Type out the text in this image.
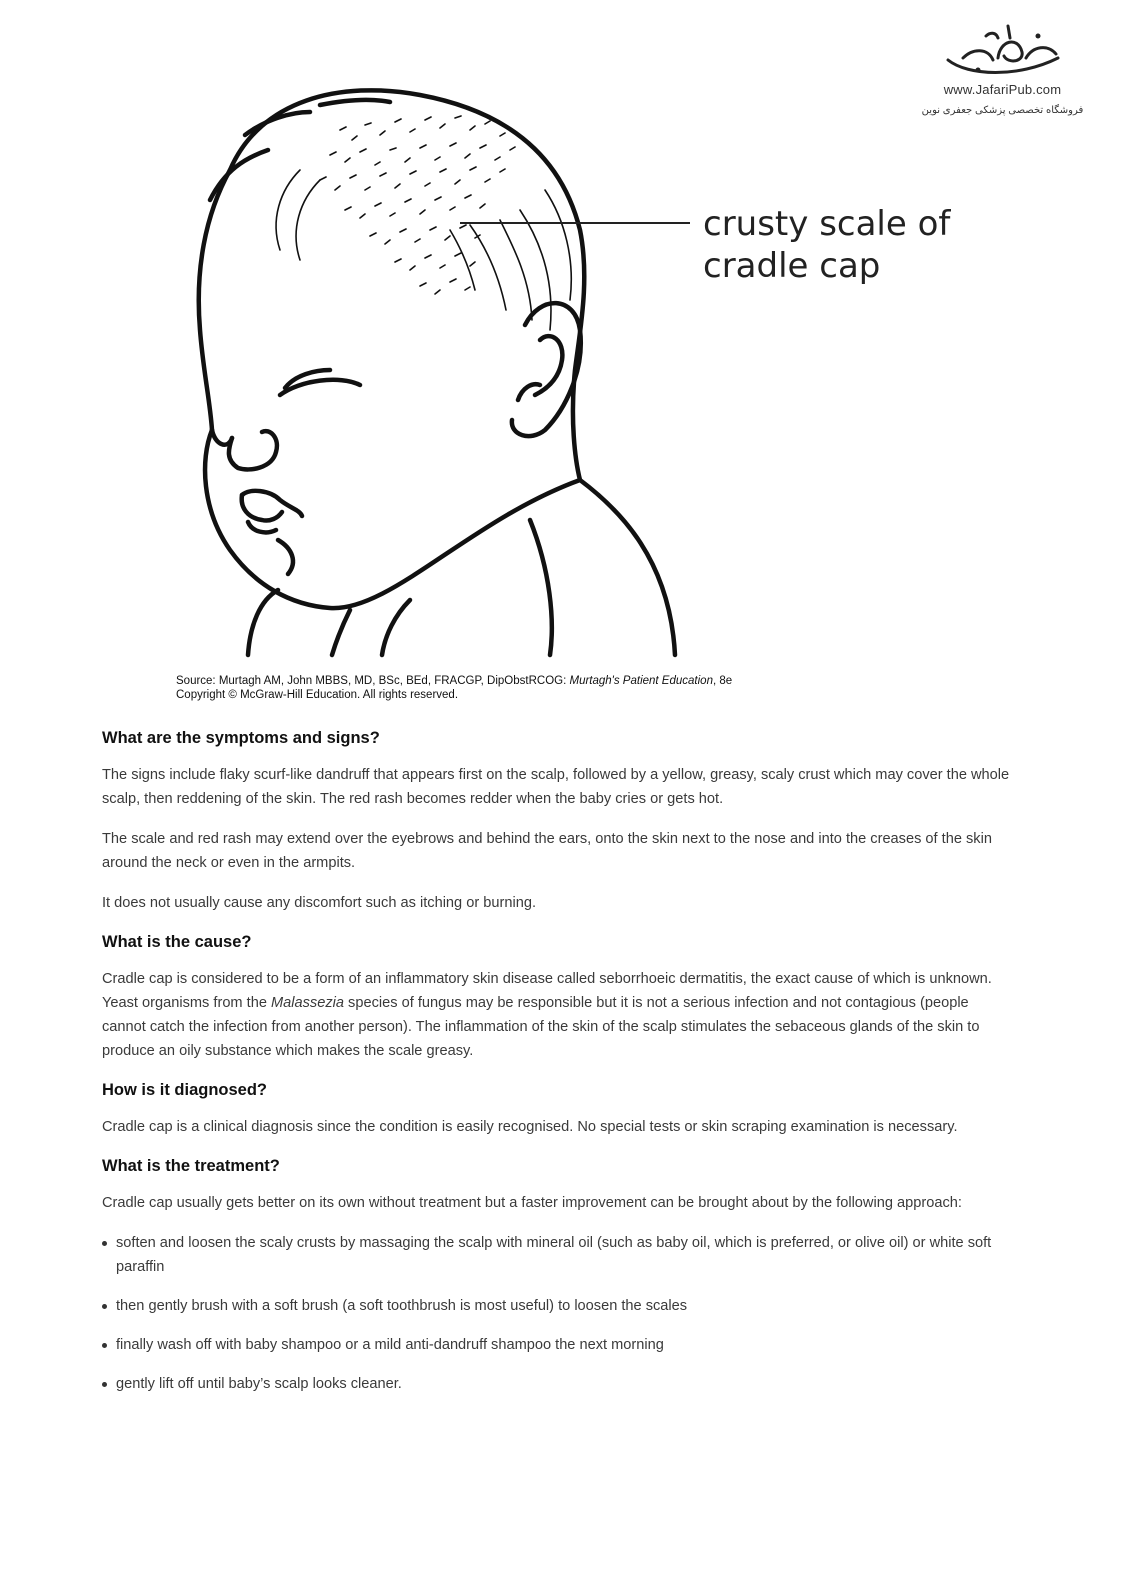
www.JafariPub.com
فروشگاه تخصصی پزشکی جعفری نوین
crusty scale of
cradle cap
Source: Murtagh AM, John MBBS, MD, BSc, BEd, FRACGP, DipObstRCOG: Murtagh's Patient Education, 8e
Copyright © McGraw-Hill Education. All rights reserved.
What are the symptoms and signs?

The signs include flaky scurf-like dandruff that appears first on the scalp, followed by a yellow, greasy, scaly crust which may cover the whole scalp, then reddening of the skin. The red rash becomes redder when the baby cries or gets hot.

The scale and red rash may extend over the eyebrows and behind the ears, onto the skin next to the nose and into the creases of the skin around the neck or even in the armpits.

It does not usually cause any discomfort such as itching or burning.

What is the cause?

Cradle cap is considered to be a form of an inflammatory skin disease called seborrhoeic dermatitis, the exact cause of which is unknown. Yeast organisms from the Malassezia species of fungus may be responsible but it is not a serious infection and not contagious (people cannot catch the infection from another person). The inflammation of the skin of the scalp stimulates the sebaceous glands of the skin to produce an oily substance which makes the scale greasy.

How is it diagnosed?

Cradle cap is a clinical diagnosis since the condition is easily recognised. No special tests or skin scraping examination is necessary.

What is the treatment?

Cradle cap usually gets better on its own without treatment but a faster improvement can be brought about by the following approach:

soften and loosen the scaly crusts by massaging the scalp with mineral oil (such as baby oil, which is preferred, or olive oil) or white soft paraffin
then gently brush with a soft brush (a soft toothbrush is most useful) to loosen the scales
finally wash off with baby shampoo or a mild anti-dandruff shampoo the next morning
gently lift off until baby’s scalp looks cleaner.
